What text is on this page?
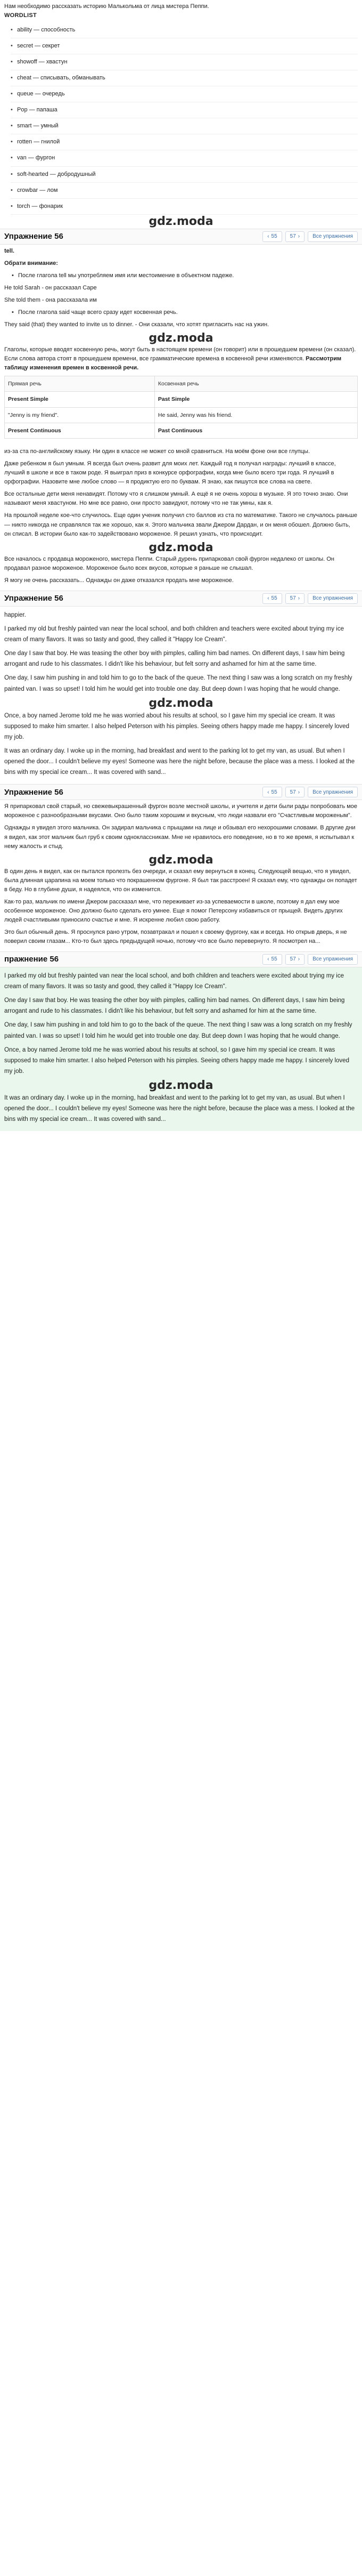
Нам необходимо рассказать историю Малькольма от лица мистера Пеппи.

WORDLIST

• ability — способность
• secret — секрет
• showoff — хвастун
• cheat — списывать, обманывать
• queue — очередь
• Pop — папаша
• smart — умный
• rotten — гнилой
• van — фургон
• soft-hearted — добродушный
• crowbar — лом
• torch — фонарик
gdz.moda
Упражнение 56	‹ 55 57 ›	Все упражнения

tell.

Обрати внимание:

• После глагола tell мы употребляем имя или местоимение в объектном падеже.

He told Sarah - он рассказал Саре

She told them - она рассказала им

• После глагола said чаще всего сразу идет косвенная речь.

They said (that) they wanted to invite us to dinner. - Они сказали, что хотят пригласить нас на ужин.

gdz.moda

Глаголы, которые вводят косвенную речь, могут быть в настоящем времени (он говорит) или в прошедшем времени (он сказал). Если слова автора стоят в прошедшем времени, все грамматические времена в косвенной речи изменяются. Рассмотрим таблицу изменения времен в косвенной речи.

Прямая речь	Косвенная речь
Present Simple	Past Simple
"Jenny is my friend".	He said, Jenny was his friend.
Present Continuous	Past Continuous

из-за ста по-английскому языку. Ни один в классе не может со мной сравниться. На моём фоне они все глупцы.

Даже ребенком я был умным. Я всегда был очень развит для моих лет. Каждый год я получал награды: лучший в классе, лучший в школе и все в таком роде. Я выиграл приз в конкурсе орфографии, когда мне было всего три года. Я лучший в орфографии. Назовите мне любое слово — я продиктую его по буквам. Я знаю, как пишутся все слова на свете.

Все остальные дети меня ненавидят. Потому что я слишком умный. А ещё я не очень хорош в музыке. Я это точно знаю. Они называют меня хвастуном. Но мне все равно, они просто завидуют, потому что не так умны, как я.

На прошлой неделе кое-что случилось. Еще один ученик получил сто баллов из ста по математике. Такого не случалось раньше — никто никогда не справлялся так же хорошо, как я. Этого мальчика звали Джером Дардан, и он меня обошел. Должно быть, он списал. В истории было как-то задействовано мороженое. Я решил узнать, что происходит.

gdz.moda

Все началось с продавца мороженого, мистера Пеппи. Старый дурень припарковал свой фургон недалеко от школы. Он продавал разное мороженое. Мороженое было всех вкусов, которые я раньше не слышал.

Я могу не очень рассказать... Однажды он даже отказался продать мне мороженое.

Упражнение 56	‹ 55 57 ›	Все упражнения

happier.

I parked my old but freshly painted van near the local school, and both children and teachers were excited about trying my ice cream of many flavors. It was so tasty and good, they called it "Happy Ice Cream".

One day I saw that boy. He was teasing the other boy with pimples, calling him bad names. On different days, I saw him being arrogant and rude to his classmates. I didn't like his behaviour, but felt sorry and ashamed for him at the same time.

One day, I saw him pushing in and told him to go to the back of the queue. The next thing I saw was a long scratch on my freshly painted van. I was so upset! I told him he would get into trouble one day. But deep down I was hoping that he would change.

gdz.moda

Once, a boy named Jerome told me he was worried about his results at school, so I gave him my special ice cream. It was supposed to make him smarter. I also helped Peterson with his pimples. Seeing others happy made me happy. I sincerely loved my job.

It was an ordinary day. I woke up in the morning, had breakfast and went to the parking lot to get my van, as usual. But when I opened the door... I couldn't believe my eyes! Someone was here the night before, because the place was a mess. I looked at the bins with my special ice cream... It was covered with sand...

Упражнение 56	‹ 55 57 ›	Все упражнения

Я припарковал свой старый, но свежевыкрашенный фургон возле местной школы, и учителя и дети были рады попробовать мое мороженое с разнообразными вкусами. Оно было таким хорошим и вкусным, что люди назвали его "Счастливым мороженым".

Однажды я увидел этого мальчика. Он задирал мальчика с прыщами на лице и обзывал его нехорошими словами. В другие дни я видел, как этот мальчик был груб к своим одноклассникам. Мне не нравилось его поведение, но в то же время, я испытывал к нему жалость и стыд.

gdz.moda

В один день я видел, как он пытался пролезть без очереди, и сказал ему вернуться в конец. Следующей вещью, что я увидел, была длинная царапина на моем только что покрашенном фургоне. Я был так расстроен! Я сказал ему, что однажды он попадет в беду. Но в глубине души, я надеялся, что он изменится.

Как-то раз, мальчик по имени Джером рассказал мне, что переживает из-за успеваемости в школе, поэтому я дал ему мое особенное мороженое. Оно должно было сделать его умнее. Еще я помог Петерсону избавиться от прыщей. Видеть других людей счастливыми приносило счастье и мне. Я искренне любил свою работу.

Это был обычный день. Я проснулся рано утром, позавтракал и пошел к своему фургону, как и всегда. Но открыв дверь, я не поверил своим глазам... Кто-то был здесь предыдущей ночью, потому что все было перевернуто. Я посмотрел на...

пражнение 56	‹ 55 57 ›	Все упражнения

I parked my old but freshly painted van near the local school, and both children and teachers were excited about trying my ice cream of many flavors. It was so tasty and good, they called it "Happy Ice Cream".

One day I saw that boy. He was teasing the other boy with pimples, calling him bad names. On different days, I saw him being arrogant and rude to his classmates. I didn't like his behaviour, but felt sorry and ashamed for him at the same time.

One day, I saw him pushing in and told him to go to the back of the queue. The next thing I saw was a long scratch on my freshly painted van. I was so upset! I told him he would get into trouble one day. But deep down I was hoping that he would change.

Once, a boy named Jerome told me he was worried about his results at school, so I gave him my special ice cream. It was supposed to make him smarter. I also helped Peterson with his pimples. Seeing others happy made me happy. I sincerely loved my job.

gdz.moda

It was an ordinary day. I woke up in the morning, had breakfast and went to the parking lot to get my van, as usual. But when I opened the door... I couldn't believe my eyes! Someone was here the night before, because the place was a mess. I looked at the bins with my special ice cream... It was covered with sand...
